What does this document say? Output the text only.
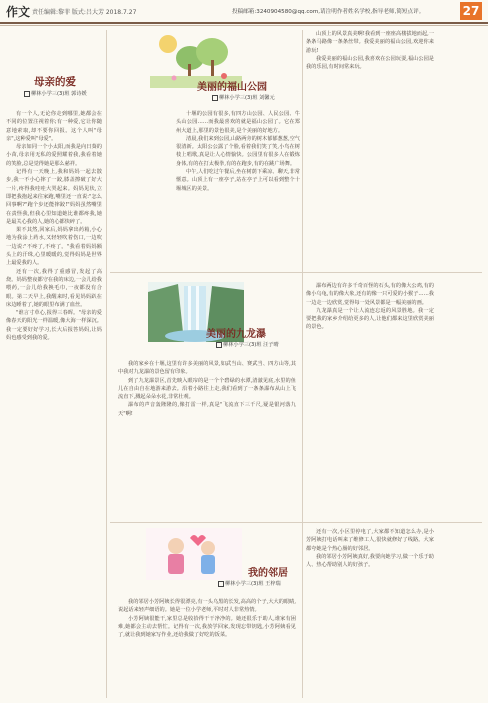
作文 责任编辑:黎菲 版式:吕大芳 2018.7.27	投稿邮箱:3240904580@qq.com,请注明作者姓名学校,指导老师,简短点评。	27
母亲的爱
柳林小学三(3)班 郭诗媛

有一个人,无论你走到哪里,她都会在不同的位置注视着你;有一种爱,它让你随意地索取,却不要你回报。这个人叫"母亲",这种爱叫"母爱"。

母亲如同一个小太阳,而我是向日葵的小苗,母亲用无私的爱照耀着我,我看着她的笑脸,总是觉得她是那么慈祥。

记得有一天晚上,我和妈妈一起去散步,我一不小心摔了一跤,膝盖擦破了好大一片,疼得我哇哇大哭起来。妈妈见状,立即把我抱起来往家跑,嘴里还一直说:"怎么回事啊?"跑个步还能摔跤!"妈妈虽然嘴里在责怪我,但我心里知道她比谁都疼我,她是最关心我的人,她的心都快碎了。

果不其然,回家后,妈妈拿出药箱,小心地为我涂上药水,又轻轻吹着伤口,一边吹一边说:"不疼了,不疼了。"我看着妈妈额头上的汗珠,心里暖暖的,觉得妈妈是世界上最爱我的人。

还有一次,我得了重感冒,发起了高烧。妈妈整夜都守在我的床边,一会儿给我喂药,一会儿给我换毛巾,一夜都没有合眼。第二天早上,我醒来时,看见妈妈趴在床边睡着了,她的眼里布满了血丝。

"谁言寸草心,报得三春晖。"母亲的爱像春天的阳光一样温暖,像大海一样深沉。我一定要好好学习,长大后报答妈妈,让妈妈也感受到我的爱。

美丽的福山公园
柳林小学三(3)班 刘馨元

十堰的公园有很多,有四方山公园、人民公园、牛头山公园……而我最喜欢的就是福山公园了。它在郑州大道上,那里的景色很美,是个美丽的好地方。

清晨,我们来到公园,山路两旁的树木郁郁葱葱,空气很清新。太阳公公露了个脸,看着我们笑了笑,小鸟在树枝上唱歌,真是让人心情愉快。公园里有很多人在锻炼身体,有的在打太极拳,有的在跑步,有的在跳广场舞。

中午,人们吃过午餐后,坐在树荫下乘凉、聊天,非常惬意。山顶上有一座亭子,站在亭子上可以看到整个十堰城区的美景。

山顶上的风景真美啊!我看到一座座高楼拔地而起,一条条马路像一条条丝带。我爱美丽的福山公园,欢迎你来游玩!

我爱美丽的福山公园,我喜欢在公园玩耍,福山公园是我的乐园,有时间常来玩。

美丽的九龙瀑
柳林小学三(3)班 汪子晴

我的家乡在十堰,这里有许多美丽的风景,如武当山、赛武当、四方山等,其中我对九龙瀑的景色留有印象。

到了九龙瀑景区,首先映入眼帘的是一个个碧绿的水潭,清澈见底,水里的鱼儿在自由自在地游来游去。沿着小路往上走,我们看到了一条条瀑布从山上飞流直下,溅起朵朵水花,非常壮观。

瀑布的声音轰隆隆的,像打雷一样,真是"飞流直下三千尺,疑是银河落九天"啊!

瀑布两边有许多千奇百怪的石头,有的像大公鸡,有的像小乌龟,有的像大象,还有的像一只可爱的小猴子……我一边走一边欣赏,觉得每一处风景都是一幅美丽的画。

九龙瀑真是一个让人流连忘返的风景胜地。我一定要把我的家乡介绍给更多的人,让他们都来这里欣赏美丽的景色。

我的邻居
柳林小学三(3)班 王梓瑞

我的邻居小芳阿姨长得很漂亮,有一头乌黑的长发,高高的个子,大大的眼睛,说起话来轻声细语的。她是一位小学老师,平时对人非常热情。

小芳阿姨很能干,家里总是收拾得干干净净的。她还很乐于助人,谁家有困难,她都会主动去帮忙。记得有一次,我放学回家,发现忘带钥匙,小芳阿姨看见了,就让我到她家写作业,还给我做了好吃的饭菜。

还有一次,小区里停电了,大家都不知道怎么办,是小芳阿姨打电话叫来了维修工人,很快就修好了线路。大家都夸她是个热心肠的好邻居。

我的邻居小芳阿姨真好,我要向她学习,做一个乐于助人、热心帮助别人的好孩子。
